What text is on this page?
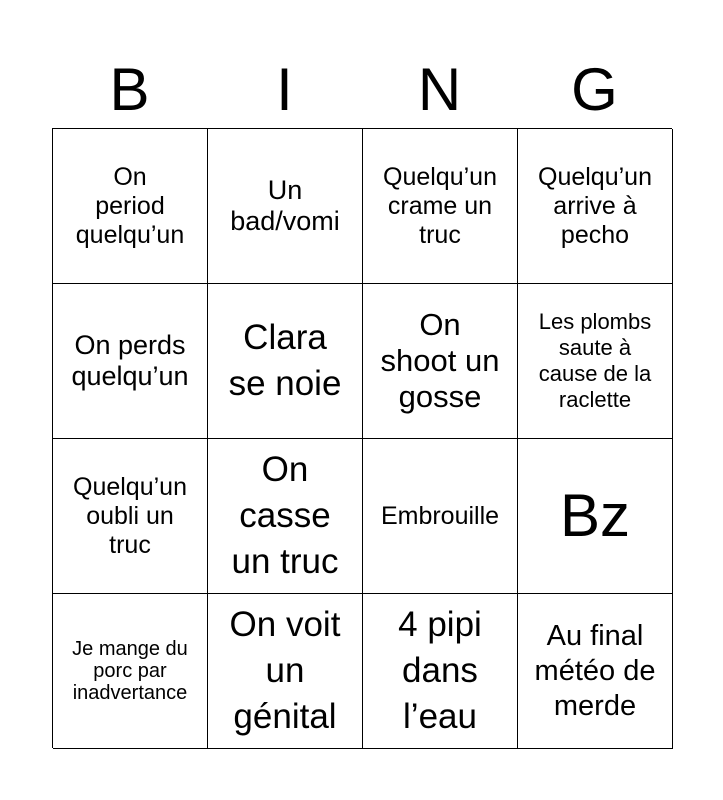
B	I	N	G
On
period
quelqu’un
Un
bad/vomi
Quelqu’un
crame un
truc
Quelqu’un
arrive à
pecho
On perds
quelqu’un
Clara
se noie
On
shoot un
gosse
Les plombs
saute à
cause de la
raclette
Quelqu’un
oubli un
truc
On
casse
un truc
Embrouille Bz
Je mange du
porc par
inadvertance
On voit
un
génital
4 pipi
dans
l’eau
Au final
météo de
merde
